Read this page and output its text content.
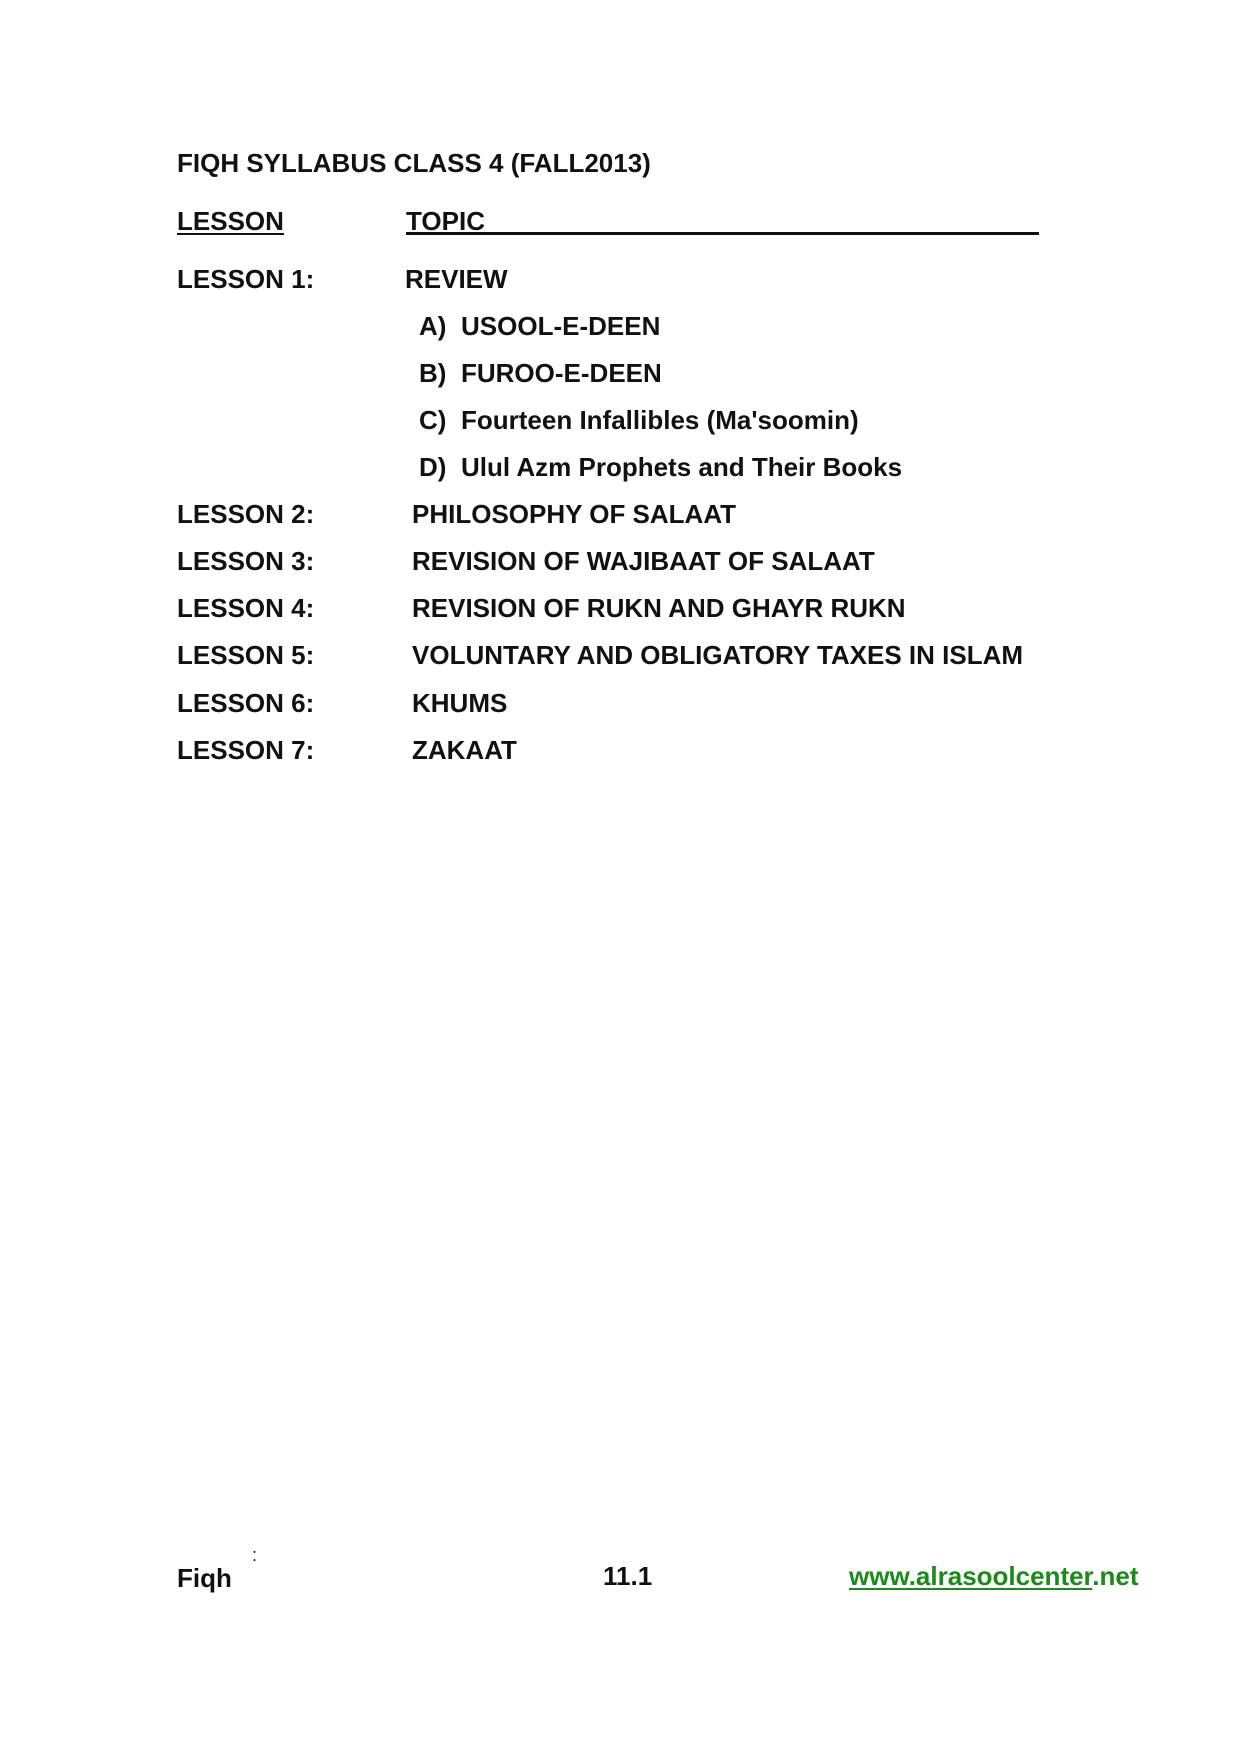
FIQH SYLLABUS CLASS 4 (FALL2013)
LESSON	TOPIC
LESSON 1:	REVIEW
A) USOOL-E-DEEN
B) FUROO-E-DEEN
C) Fourteen Infallibles (Ma'soomin)
D) Ulul Azm Prophets and Their Books
LESSON 2:	PHILOSOPHY OF SALAAT
LESSON 3:	REVISION OF WAJIBAAT OF SALAAT
LESSON 4:	REVISION OF RUKN AND GHAYR RUKN
LESSON 5:	VOLUNTARY AND OBLIGATORY TAXES IN ISLAM
LESSON 6:	KHUMS
LESSON 7:	ZAKAAT
:
Fiqh	11.1	www.alrasoolcenter.net
